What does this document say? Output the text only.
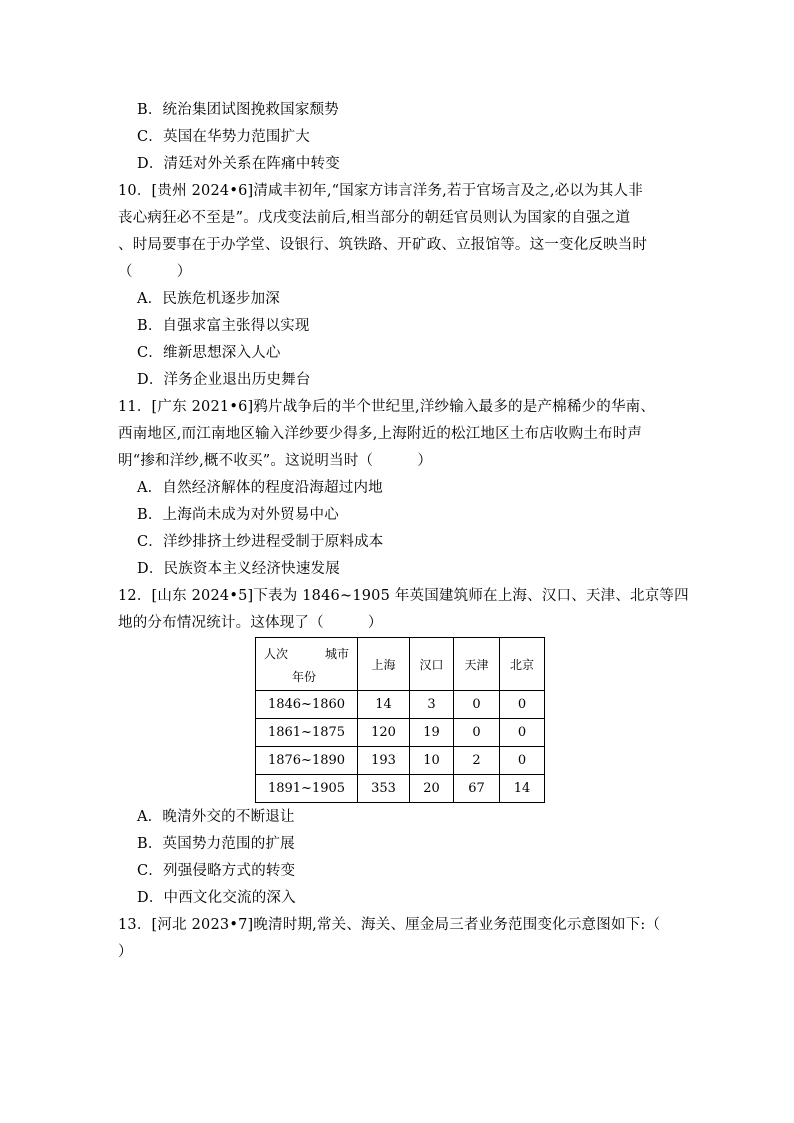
B．统治集团试图挽救国家颓势
C．英国在华势力范围扩大
D．清廷对外关系在阵痛中转变
10．[贵州 2024•6]清咸丰初年,“国家方讳言洋务,若于官场言及之,必以为其人非
丧心病狂必不至是”。戊戌变法前后,相当部分的朝廷官员则认为国家的自强之道
、时局要事在于办学堂、设银行、筑铁路、开矿政、立报馆等。这一变化反映当时
（　　　）
A．民族危机逐步加深
B．自强求富主张得以实现
C．维新思想深入人心
D．洋务企业退出历史舞台
11．[广东 2021•6]鸦片战争后的半个世纪里,洋纱输入最多的是产棉稀少的华南、
西南地区,而江南地区输入洋纱要少得多,上海附近的松江地区土布店收购土布时声
明“掺和洋纱,概不收买”。这说明当时（　　　）
A．自然经济解体的程度沿海超过内地
B．上海尚未成为对外贸易中心
C．洋纱排挤土纱进程受制于原料成本
D．民族资本主义经济快速发展
12．[山东 2024•5]下表为 1846~1905 年英国建筑师在上海、汉口、天津、北京等四
地的分布情况统计。这体现了（　　　）
人次 城市
年份	上海	汉口	天津	北京
1846~1860	14	3	0	0
1861~1875	120	19	0	0
1876~1890	193	10	2	0
1891~1905	353	20	67	14
A．晚清外交的不断退让
B．英国势力范围的扩展
C．列强侵略方式的转变
D．中西文化交流的深入
13．[河北 2023•7]晚清时期,常关、海关、厘金局三者业务范围变化示意图如下:（
）
